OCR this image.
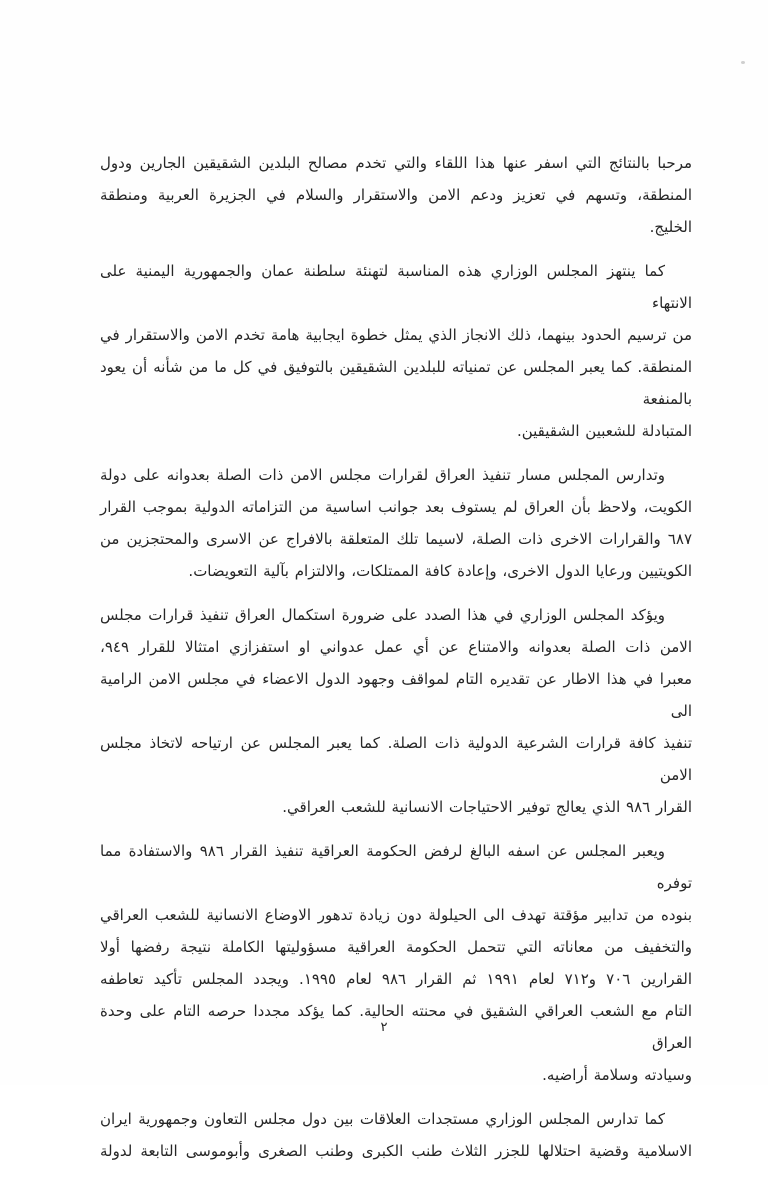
مرحبا بالنتائج التي اسفر عنها هذا اللقاء والتي تخدم مصالح البلدين الشقيقين الجارين ودول
المنطقة، وتسهم في تعزيز ودعم الامن والاستقرار والسلام في الجزيرة العربية ومنطقة الخليج.
كما ينتهز المجلس الوزاري هذه المناسبة لتهنئة سلطنة عمان والجمهورية اليمنية على الانتهاء
من ترسيم الحدود بينهما، ذلك الانجاز الذي يمثل خطوة ايجابية هامة تخدم الامن والاستقرار في
المنطقة. كما يعبر المجلس عن تمنياته للبلدين الشقيقين بالتوفيق في كل ما من شأنه أن يعود بالمنفعة
المتبادلة للشعبين الشقيقين.
وتدارس المجلس مسار تنفيذ العراق لقرارات مجلس الامن ذات الصلة بعدوانه على دولة
الكويت، ولاحظ بأن العراق لم يستوف بعد جوانب اساسية من التزاماته الدولية بموجب القرار
٦٨٧ والقرارات الاخرى ذات الصلة، لاسيما تلك المتعلقة بالافراج عن الاسرى والمحتجزين من
الكويتيين ورعايا الدول الاخرى، وإعادة كافة الممتلكات، والالتزام بآلية التعويضات.
ويؤكد المجلس الوزاري في هذا الصدد على ضرورة استكمال العراق تنفيذ قرارات مجلس
الامن ذات الصلة بعدوانه والامتناع عن أي عمل عدواني او استفزازي امتثالا للقرار ٩٤٩،
معبرا في هذا الاطار عن تقديره التام لمواقف وجهود الدول الاعضاء في مجلس الامن الرامية الى
تنفيذ كافة قرارات الشرعية الدولية ذات الصلة. كما يعبر المجلس عن ارتياحه لاتخاذ مجلس الامن
القرار ٩٨٦ الذي يعالج توفير الاحتياجات الانسانية للشعب العراقي.
ويعبر المجلس عن اسفه البالغ لرفض الحكومة العراقية تنفيذ القرار ٩٨٦ والاستفادة مما توفره
بنوده من تدابير مؤقتة تهدف الى الحيلولة دون زيادة تدهور الاوضاع الانسانية للشعب العراقي
والتخفيف من معاناته التي تتحمل الحكومة العراقية مسؤوليتها الكاملة نتيجة رفضها أولا
القرارين ٧٠٦ و٧١٢ لعام ١٩٩١ ثم القرار ٩٨٦ لعام ١٩٩٥. ويجدد المجلس تأكيد تعاطفه
التام مع الشعب العراقي الشقيق في محنته الحالية. كما يؤكد مجددا حرصه التام على وحدة العراق
وسيادته وسلامة أراضيه.
كما تدارس المجلس الوزاري مستجدات العلاقات بين دول مجلس التعاون وجمهورية ايران
الاسلامية وقضية احتلالها للجزر الثلاث طنب الكبرى وطنب الصغرى وأبوموسى التابعة لدولة
٢
